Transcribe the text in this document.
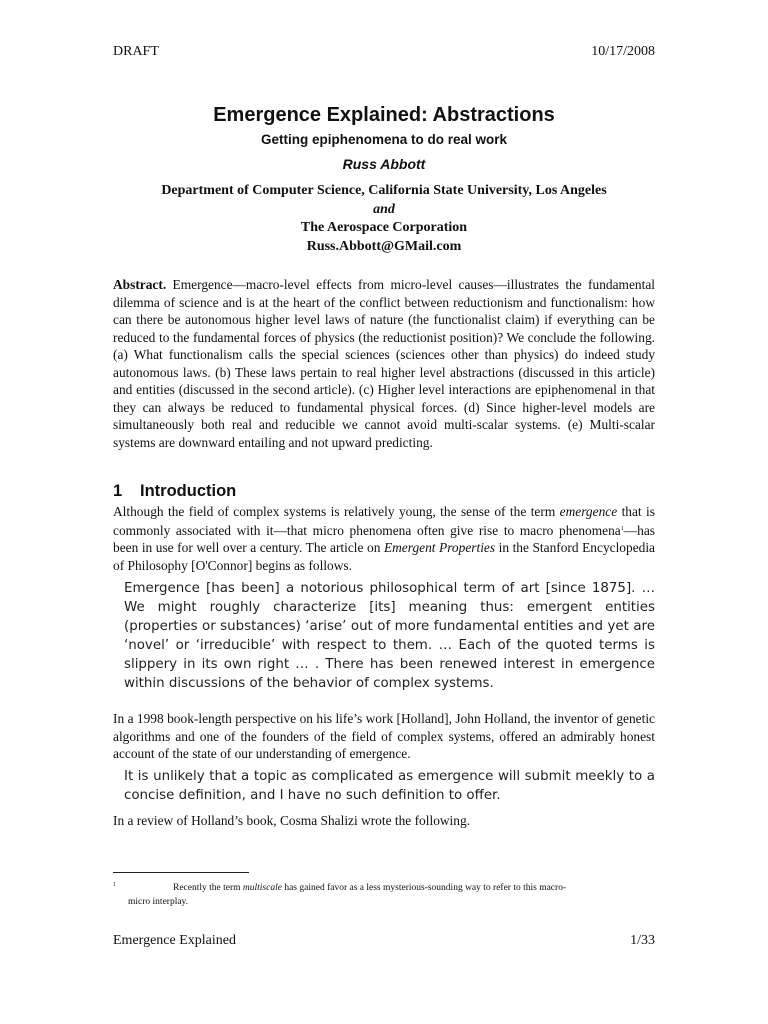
DRAFT	10/17/2008
Emergence Explained: Abstractions
Getting epiphenomena to do real work
Russ Abbott
Department of Computer Science, California State University, Los Angeles
and
The Aerospace Corporation
Russ.Abbott@GMail.com
Abstract. Emergence—macro-level effects from micro-level causes—illustrates the fundamental dilemma of science and is at the heart of the conflict between reductionism and functionalism: how can there be autonomous higher level laws of nature (the functionalist claim) if everything can be reduced to the fundamental forces of physics (the reductionist position)? We conclude the following. (a) What functionalism calls the special sciences (sciences other than physics) do indeed study autonomous laws. (b) These laws pertain to real higher level abstractions (discussed in this article) and entities (discussed in the second article). (c) Higher level interactions are epiphenomenal in that they can always be reduced to fundamental physical forces. (d) Since higher-level models are simultaneously both real and reducible we cannot avoid multi-scalar systems. (e) Multi-scalar systems are downward entailing and not upward predicting.
1 Introduction
Although the field of complex systems is relatively young, the sense of the term emergence that is commonly associated with it—that micro phenomena often give rise to macro phenomena$^1$—has been in use for well over a century. The article on Emergent Properties in the Stanford Encyclopedia of Philosophy [O'Connor] begins as follows.
Emergence [has been] a notorious philosophical term of art [since 1875]. … We might roughly characterize [its] meaning thus: emergent entities (properties or substances) ‘arise’ out of more fundamental entities and yet are ‘novel’ or ‘irreducible’ with respect to them. … Each of the quoted terms is slippery in its own right … . There has been renewed interest in emergence within discussions of the behavior of complex systems.
In a 1998 book-length perspective on his life’s work [Holland], John Holland, the inventor of genetic algorithms and one of the founders of the field of complex systems, offered an admirably honest account of the state of our understanding of emergence.
It is unlikely that a topic as complicated as emergence will submit meekly to a concise definition, and I have no such definition to offer.
In a review of Holland’s book, Cosma Shalizi wrote the following.
1	Recently the term multiscale has gained favor as a less mysterious-sounding way to refer to this macro-
micro interplay.
Emergence Explained	1/33
